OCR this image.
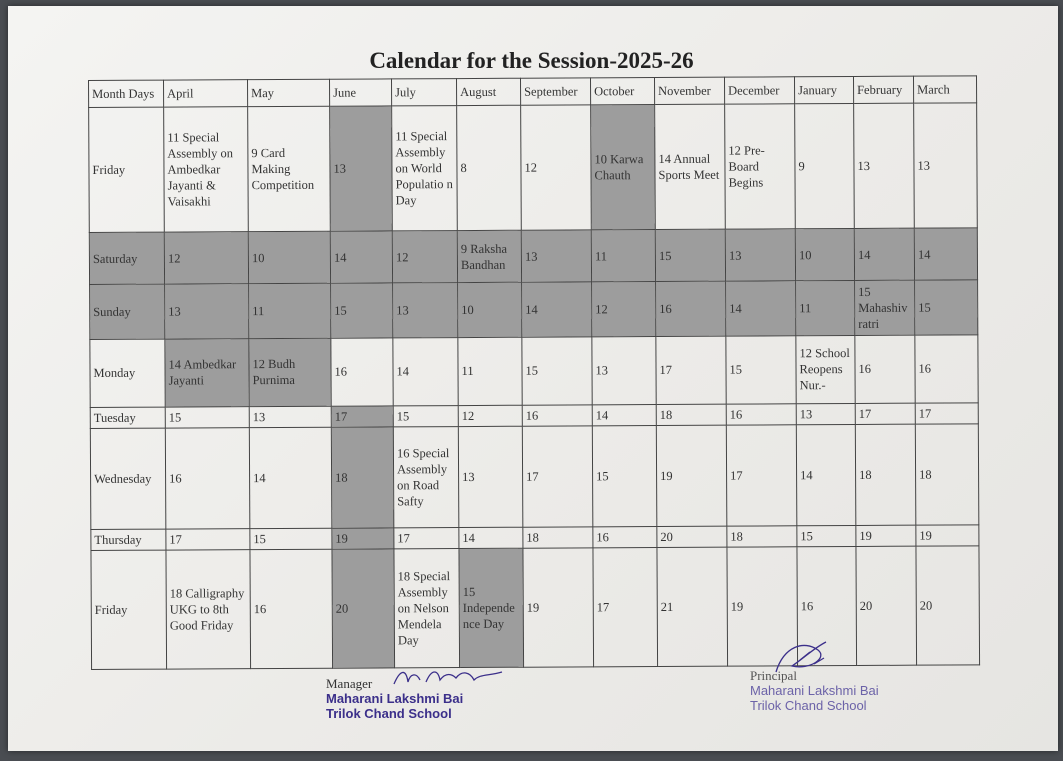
Calendar for the Session-2025-26
Month Days	April	May	June	July	August	September	October	November	December	January	February	March
Friday	11 Special Assembly on Ambedkar Jayanti & Vaisakhi	9 Card Making Competition	13	11 Special Assembly on World Populatio n Day	8	12	10 Karwa Chauth	14 Annual Sports Meet	12 Pre-Board Begins	9	13	13
Saturday	12	10	14	12	9 Raksha Bandhan	13	11	15	13	10	14	14
Sunday	13	11	15	13	10	14	12	16	14	11	15 Mahashiv ratri	15
Monday	14 Ambedkar Jayanti	12 Budh Purnima	16	14	11	15	13	17	15	12 School Reopens Nur.-	16	16
Tuesday	15	13	17	15	12	16	14	18	16	13	17	17
Wednesday	16	14	18	16 Special Assembly on Road Safty	13	17	15	19	17	14	18	18
Thursday	17	15	19	17	14	18	16	20	18	15	19	19
Friday	18 Calligraphy UKG to 8th Good Friday	16	20	18 Special Assembly on Nelson Mendela Day	15 Independe nce Day	19	17	21	19	16	20	20
Manager
Maharani Lakshmi Bai
Trilok Chand School
Principal
Maharani Lakshmi Bai
Trilok Chand School
